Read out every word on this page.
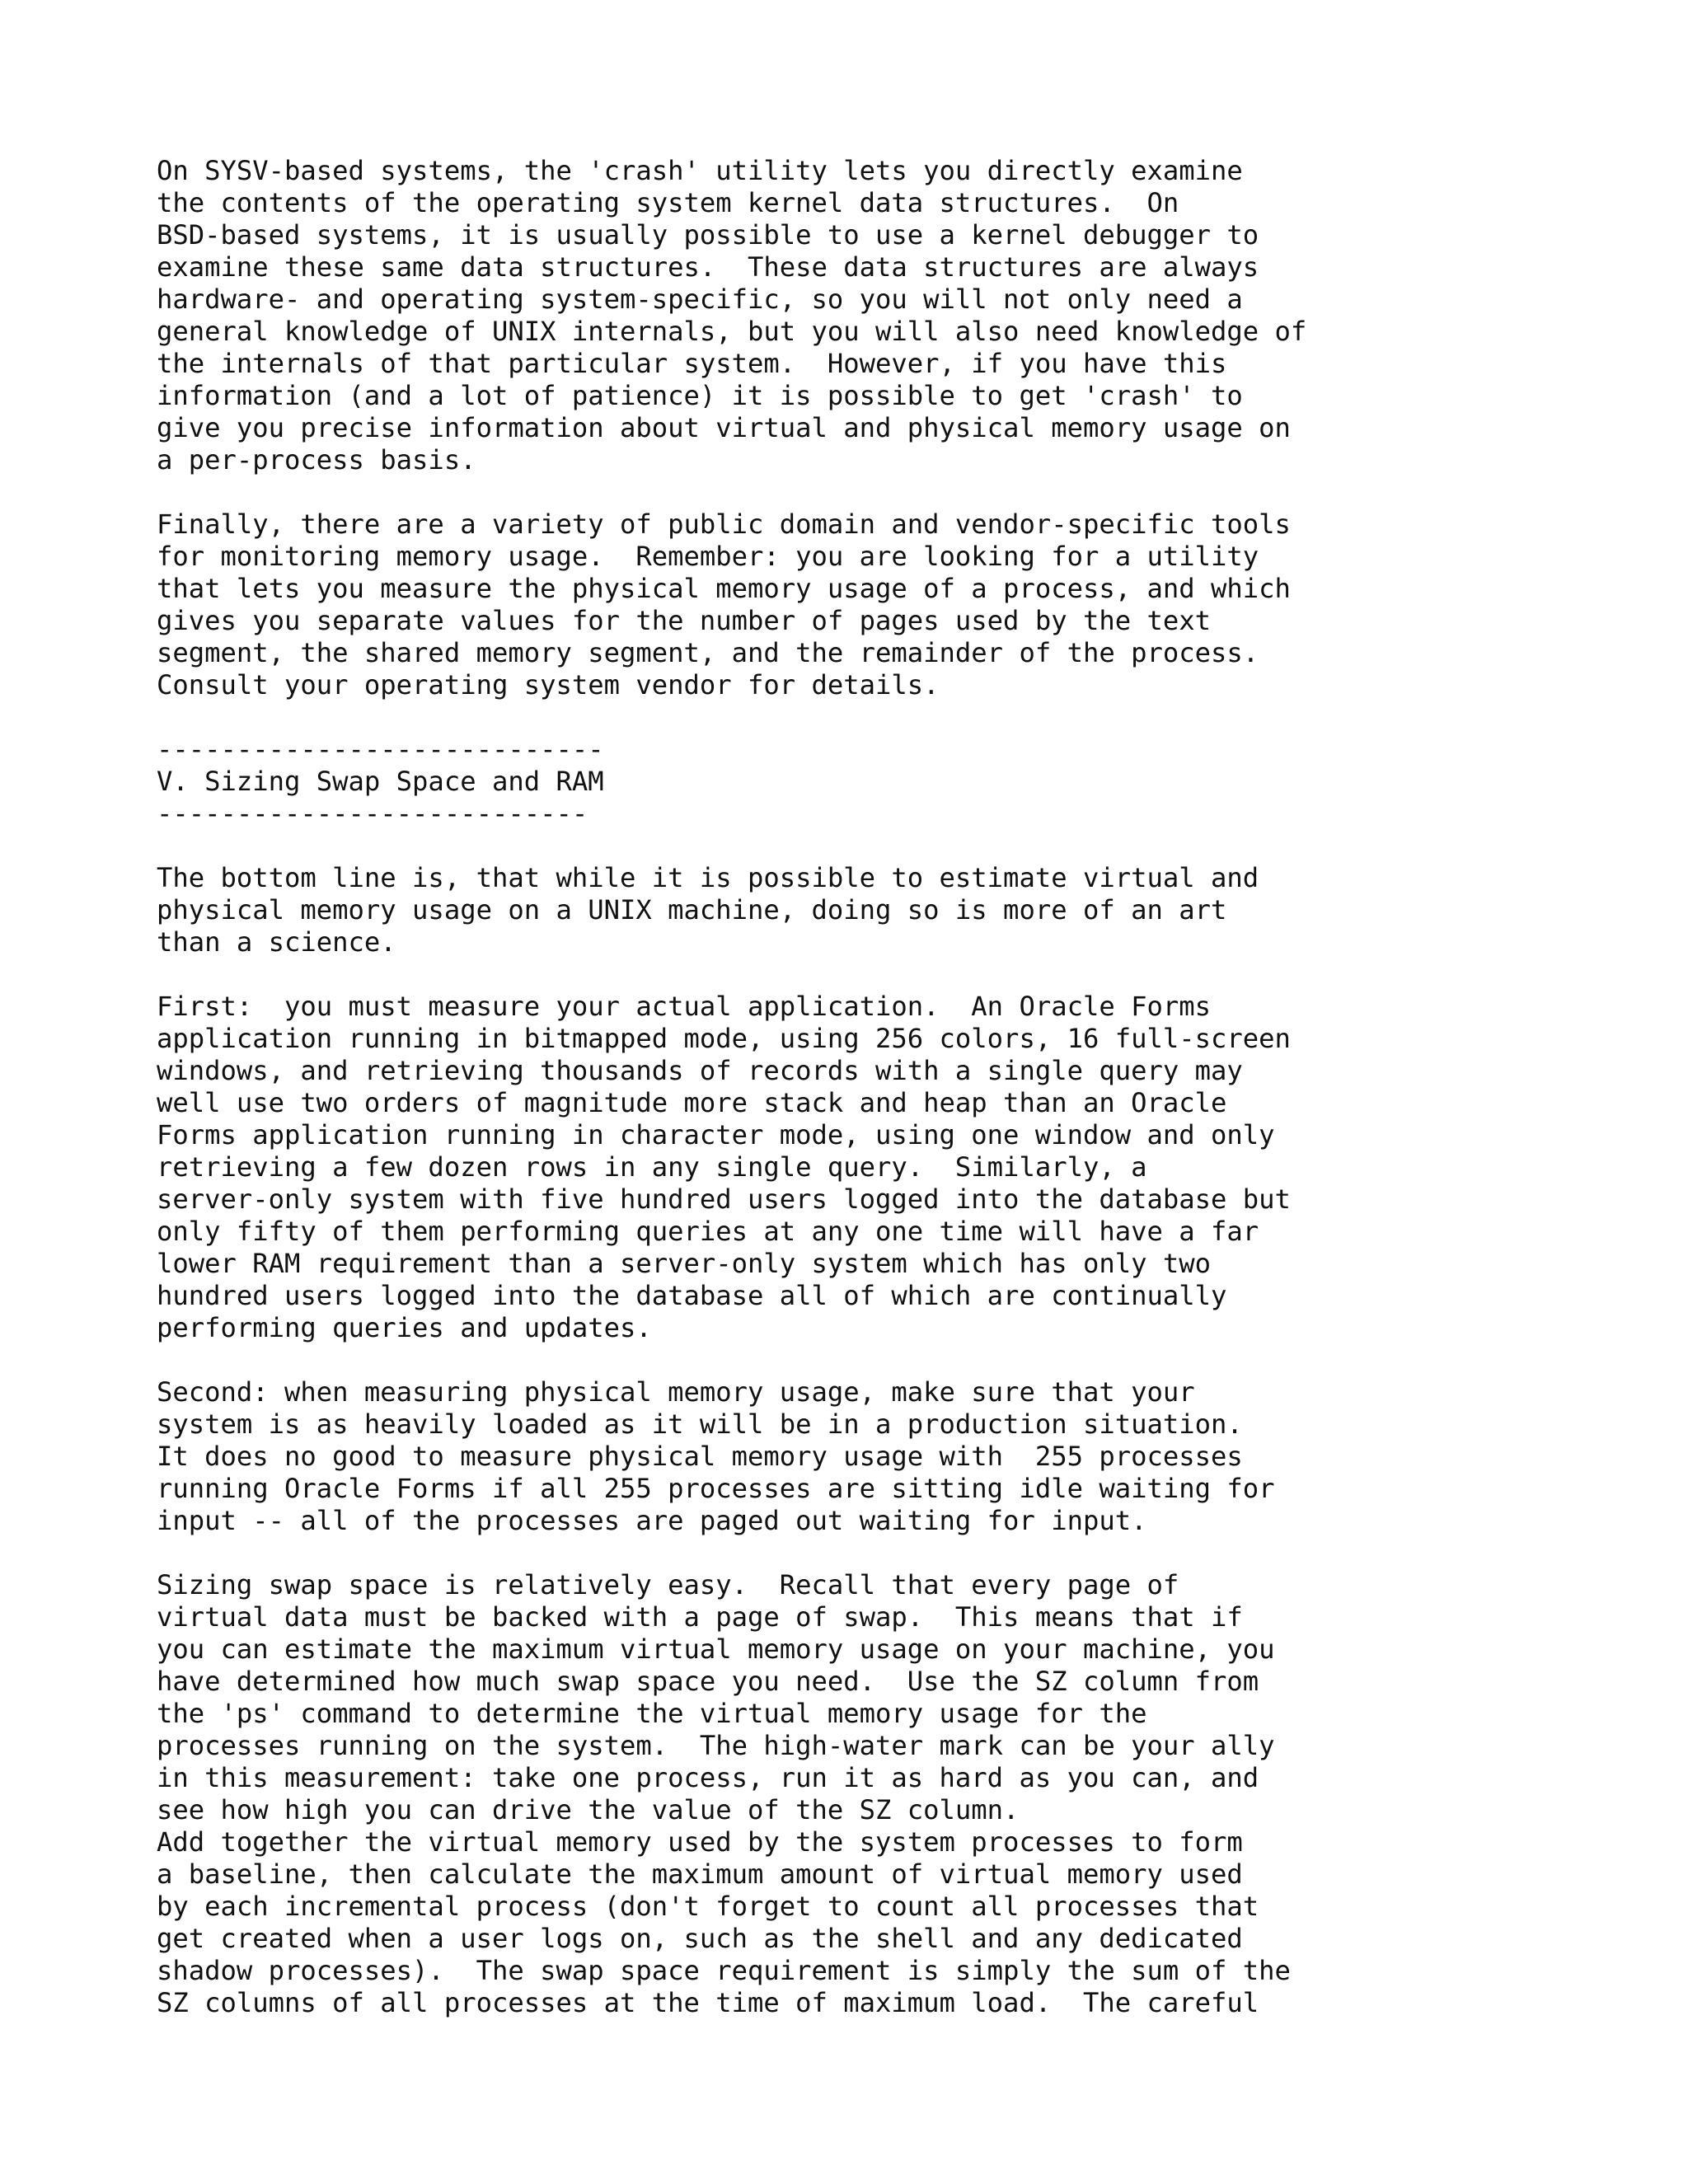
On SYSV-based systems, the 'crash' utility lets you directly examine
the contents of the operating system kernel data structures.  On
BSD-based systems, it is usually possible to use a kernel debugger to
examine these same data structures.  These data structures are always
hardware- and operating system-specific, so you will not only need a
general knowledge of UNIX internals, but you will also need knowledge of
the internals of that particular system.  However, if you have this
information (and a lot of patience) it is possible to get 'crash' to
give you precise information about virtual and physical memory usage on
a per-process basis.
Finally, there are a variety of public domain and vendor-specific tools
for monitoring memory usage.  Remember: you are looking for a utility
that lets you measure the physical memory usage of a process, and which
gives you separate values for the number of pages used by the text
segment, the shared memory segment, and the remainder of the process.
Consult your operating system vendor for details.
----------------------------
V. Sizing Swap Space and RAM
---------------------------
The bottom line is, that while it is possible to estimate virtual and
physical memory usage on a UNIX machine, doing so is more of an art
than a science.
First:  you must measure your actual application.  An Oracle Forms
application running in bitmapped mode, using 256 colors, 16 full-screen
windows, and retrieving thousands of records with a single query may
well use two orders of magnitude more stack and heap than an Oracle
Forms application running in character mode, using one window and only
retrieving a few dozen rows in any single query.  Similarly, a
server-only system with five hundred users logged into the database but
only fifty of them performing queries at any one time will have a far
lower RAM requirement than a server-only system which has only two
hundred users logged into the database all of which are continually
performing queries and updates.
Second: when measuring physical memory usage, make sure that your
system is as heavily loaded as it will be in a production situation.
It does no good to measure physical memory usage with  255 processes
running Oracle Forms if all 255 processes are sitting idle waiting for
input -- all of the processes are paged out waiting for input.
Sizing swap space is relatively easy.  Recall that every page of
virtual data must be backed with a page of swap.  This means that if
you can estimate the maximum virtual memory usage on your machine, you
have determined how much swap space you need.  Use the SZ column from
the 'ps' command to determine the virtual memory usage for the
processes running on the system.  The high-water mark can be your ally
in this measurement: take one process, run it as hard as you can, and
see how high you can drive the value of the SZ column.
Add together the virtual memory used by the system processes to form
a baseline, then calculate the maximum amount of virtual memory used
by each incremental process (don't forget to count all processes that
get created when a user logs on, such as the shell and any dedicated
shadow processes).  The swap space requirement is simply the sum of the
SZ columns of all processes at the time of maximum load.  The careful
